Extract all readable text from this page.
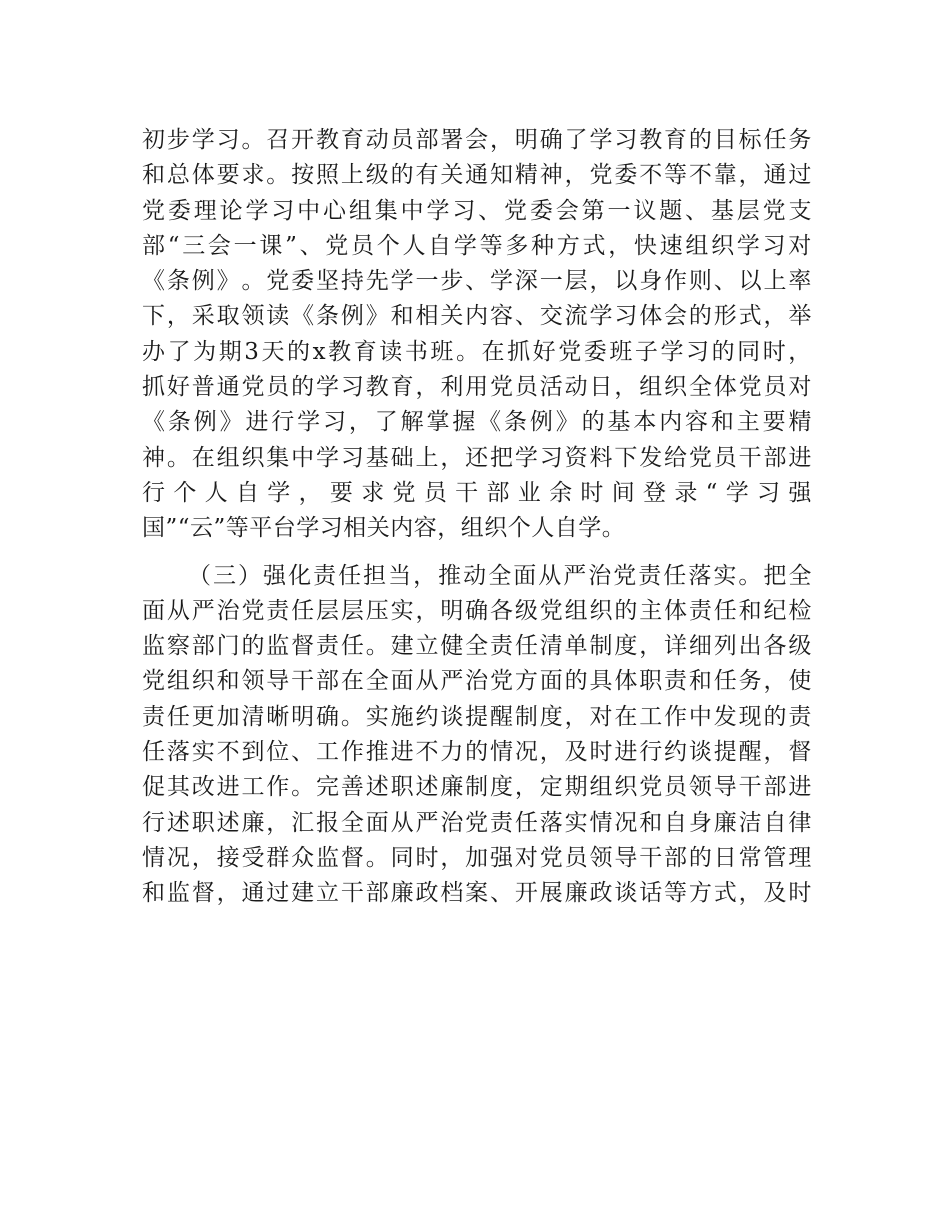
初 步 学 习 。 召 开 教 育 动 员 部 署 会 ， 明 确 了 学 习 教 育 的 目 标 任 务
和 总 体 要 求 。 按 照 上 级 的 有 关 通 知 精 神 ， 党 委 不 等 不 靠 ， 通 过
党 委 理 论 学 习 中 心 组 集 中 学 习 、 党 委 会 第 一 议 题 、 基 层 党 支
部 “ 三 会 一 课 ” 、 党 员 个 人 自 学 等 多 种 方 式 ， 快 速 组 织 学 习 对
《 条 例 》 。 党 委 坚 持 先 学 一 步 、 学 深 一 层 ， 以 身 作 则 、 以 上 率
下 ， 采 取 领 读 《 条 例 》 和 相 关 内 容 、 交 流 学 习 体 会 的 形 式 ， 举
办 了 为 期 3 天 的 x 教 育 读 书 班 。 在 抓 好 党 委 班 子 学 习 的 同 时 ，
抓 好 普 通 党 员 的 学 习 教 育 ， 利 用 党 员 活 动 日 ， 组 织 全 体 党 员 对
《 条 例 》 进 行 学 习 ， 了 解 掌 握 《 条 例 》 的 基 本 内 容 和 主 要 精
神 。 在 组 织 集 中 学 习 基 础 上 ， 还 把 学 习 资 料 下 发 给 党 员 干 部 进
行 个 人 自 学 ， 要 求 党 员 干 部 业 余 时 间 登 录 “ 学 习 强
国”“云”等平台学习相关内容，组织个人自学。
（ 三 ） 强 化 责 任 担 当 ， 推 动 全 面 从 严 治 党 责 任 落 实 。 把 全
面 从 严 治 党 责 任 层 层 压 实 ， 明 确 各 级 党 组 织 的 主 体 责 任 和 纪 检
监 察 部 门 的 监 督 责 任 。 建 立 健 全 责 任 清 单 制 度 ， 详 细 列 出 各 级
党 组 织 和 领 导 干 部 在 全 面 从 严 治 党 方 面 的 具 体 职 责 和 任 务 ， 使
责 任 更 加 清 晰 明 确 。 实 施 约 谈 提 醒 制 度 ， 对 在 工 作 中 发 现 的 责
任 落 实 不 到 位 、 工 作 推 进 不 力 的 情 况 ， 及 时 进 行 约 谈 提 醒 ， 督
促 其 改 进 工 作 。 完 善 述 职 述 廉 制 度 ， 定 期 组 织 党 员 领 导 干 部 进
行 述 职 述 廉 ， 汇 报 全 面 从 严 治 党 责 任 落 实 情 况 和 自 身 廉 洁 自 律
情 况 ， 接 受 群 众 监 督 。 同 时 ， 加 强 对 党 员 领 导 干 部 的 日 常 管 理
和 监 督 ， 通 过 建 立 干 部 廉 政 档 案 、 开 展 廉 政 谈 话 等 方 式 ， 及 时
